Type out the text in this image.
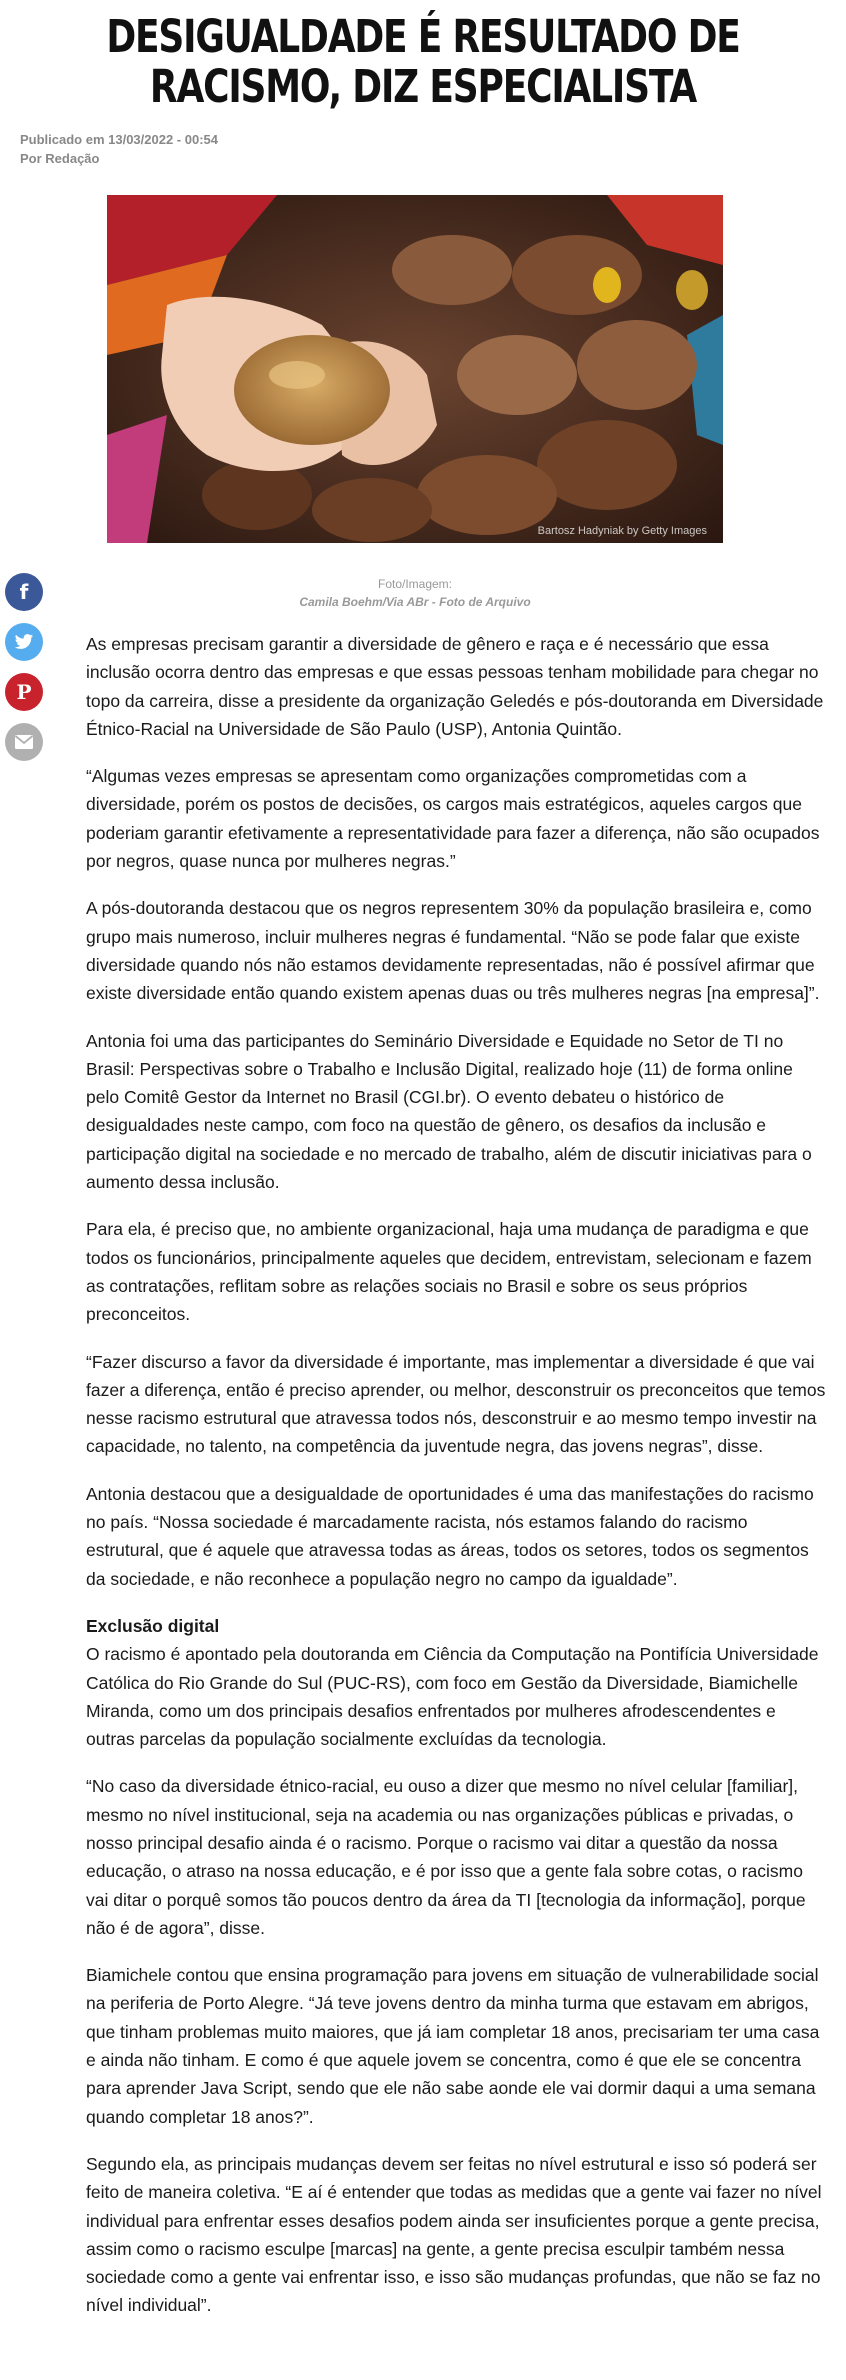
DESIGUALDADE É RESULTADO DE RACISMO, DIZ ESPECIALISTA
Publicado em 13/03/2022 - 00:54
Por Redação
Bartosz Hadyniak by Getty Images
Foto/Imagem:
Camila Boehm/Via ABr - Foto de Arquivo
f
P

As empresas precisam garantir a diversidade de gênero e raça e é necessário que essa inclusão ocorra dentro das empresas e que essas pessoas tenham mobilidade para chegar no topo da carreira, disse a presidente da organização Geledés e pós-doutoranda em Diversidade Étnico-Racial na Universidade de São Paulo (USP), Antonia Quintão.

“Algumas vezes empresas se apresentam como organizações comprometidas com a diversidade, porém os postos de decisões, os cargos mais estratégicos, aqueles cargos que poderiam garantir efetivamente a representatividade para fazer a diferença, não são ocupados por negros, quase nunca por mulheres negras.”

A pós-doutoranda destacou que os negros representem 30% da população brasileira e, como grupo mais numeroso, incluir mulheres negras é fundamental. “Não se pode falar que existe diversidade quando nós não estamos devidamente representadas, não é possível afirmar que existe diversidade então quando existem apenas duas ou três mulheres negras [na empresa]”.

Antonia foi uma das participantes do Seminário Diversidade e Equidade no Setor de TI no Brasil: Perspectivas sobre o Trabalho e Inclusão Digital, realizado hoje (11) de forma online pelo Comitê Gestor da Internet no Brasil (CGI.br). O evento debateu o histórico de desigualdades neste campo, com foco na questão de gênero, os desafios da inclusão e participação digital na sociedade e no mercado de trabalho, além de discutir iniciativas para o aumento dessa inclusão.

Para ela, é preciso que, no ambiente organizacional, haja uma mudança de paradigma e que todos os funcionários, principalmente aqueles que decidem, entrevistam, selecionam e fazem as contratações, reflitam sobre as relações sociais no Brasil e sobre os seus próprios preconceitos.

“Fazer discurso a favor da diversidade é importante, mas implementar a diversidade é que vai fazer a diferença, então é preciso aprender, ou melhor, desconstruir os preconceitos que temos nesse racismo estrutural que atravessa todos nós, desconstruir e ao mesmo tempo investir na capacidade, no talento, na competência da juventude negra, das jovens negras”, disse.

Antonia destacou que a desigualdade de oportunidades é uma das manifestações do racismo no país. “Nossa sociedade é marcadamente racista, nós estamos falando do racismo estrutural, que é aquele que atravessa todas as áreas, todos os setores, todos os segmentos da sociedade, e não reconhece a população negro no campo da igualdade”.

Exclusão digital

O racismo é apontado pela doutoranda em Ciência da Computação na Pontifícia Universidade Católica do Rio Grande do Sul (PUC-RS), com foco em Gestão da Diversidade, Biamichelle Miranda, como um dos principais desafios enfrentados por mulheres afrodescendentes e outras parcelas da população socialmente excluídas da tecnologia.

“No caso da diversidade étnico-racial, eu ouso a dizer que mesmo no nível celular [familiar], mesmo no nível institucional, seja na academia ou nas organizações públicas e privadas, o nosso principal desafio ainda é o racismo. Porque o racismo vai ditar a questão da nossa educação, o atraso na nossa educação, e é por isso que a gente fala sobre cotas, o racismo vai ditar o porquê somos tão poucos dentro da área da TI [tecnologia da informação], porque não é de agora”, disse.

Biamichele contou que ensina programação para jovens em situação de vulnerabilidade social na periferia de Porto Alegre. “Já teve jovens dentro da minha turma que estavam em abrigos, que tinham problemas muito maiores, que já iam completar 18 anos, precisariam ter uma casa e ainda não tinham. E como é que aquele jovem se concentra, como é que ele se concentra para aprender Java Script, sendo que ele não sabe aonde ele vai dormir daqui a uma semana quando completar 18 anos?”.

Segundo ela, as principais mudanças devem ser feitas no nível estrutural e isso só poderá ser feito de maneira coletiva. “E aí é entender que todas as medidas que a gente vai fazer no nível individual para enfrentar esses desafios podem ainda ser insuficientes porque a gente precisa, assim como o racismo esculpe [marcas] na gente, a gente precisa esculpir também nessa sociedade como a gente vai enfrentar isso, e isso são mudanças profundas, que não se faz no nível individual”.
